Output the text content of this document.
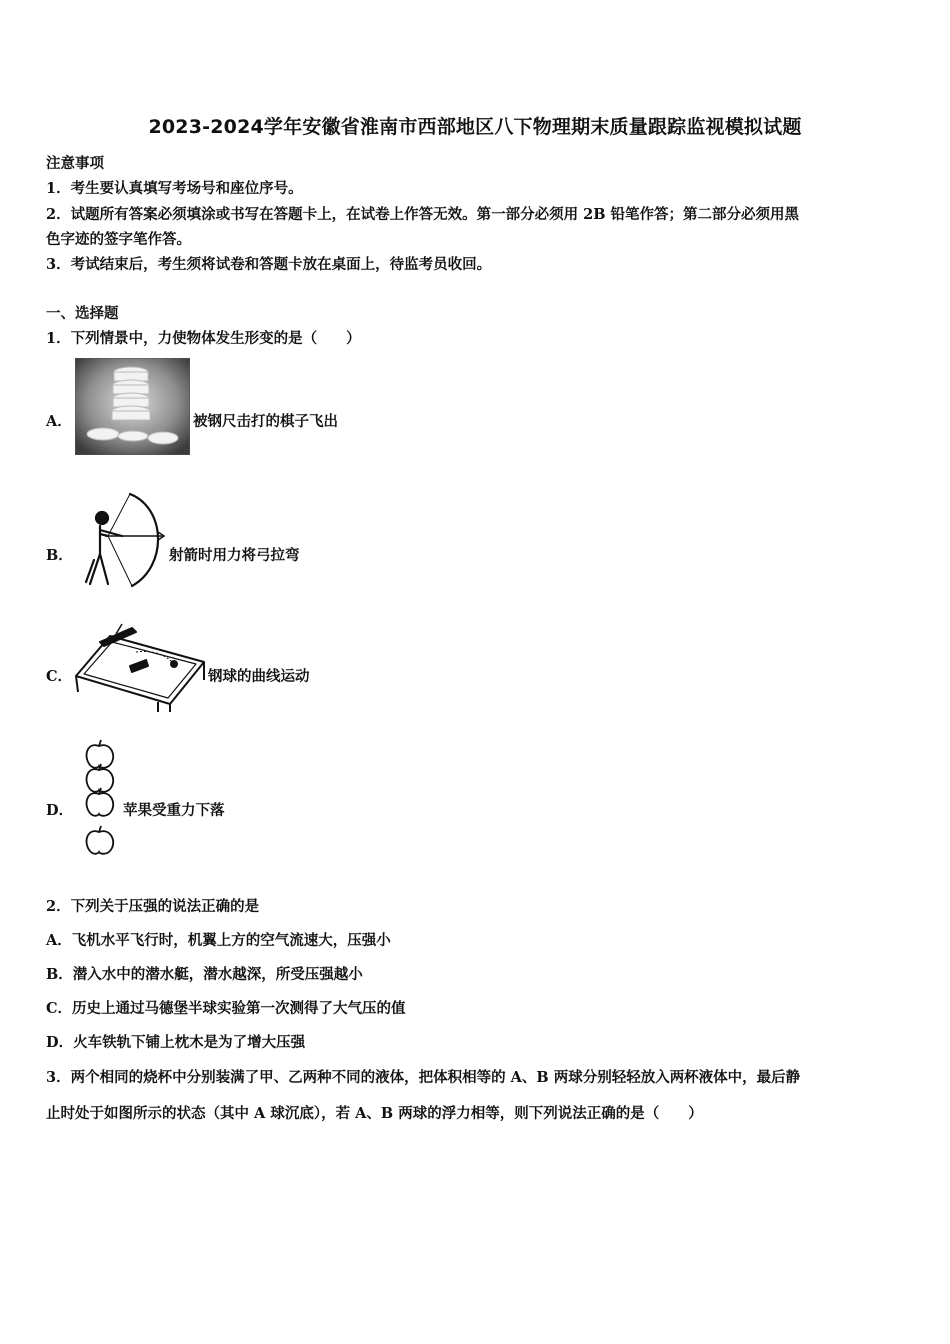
2023-2024学年安徽省淮南市西部地区八下物理期末质量跟踪监视模拟试题
注意事项
1．考生要认真填写考场号和座位序号。
2．试题所有答案必须填涂或书写在答题卡上，在试卷上作答无效。第一部分必须用 2B 铅笔作答；第二部分必须用黑
色字迹的签字笔作答。
3．考试结束后，考生须将试卷和答题卡放在桌面上，待监考员收回。
一、选择题
1．下列情景中，力使物体发生形变的是（　　）
A．	被钢尺击打的棋子飞出
B．	射箭时用力将弓拉弯
C．	钢球的曲线运动
D．	苹果受重力下落
2．下列关于压强的说法正确的是
A．飞机水平飞行时，机翼上方的空气流速大，压强小
B．潜入水中的潜水艇，潜水越深，所受压强越小
C．历史上通过马德堡半球实验第一次测得了大气压的值
D．火车铁轨下铺上枕木是为了增大压强
3．两个相同的烧杯中分别装满了甲、乙两种不同的液体，把体积相等的 A、B 两球分别轻轻放入两杯液体中，最后静
止时处于如图所示的状态（其中 A 球沉底），若 A、B 两球的浮力相等，则下列说法正确的是（　　）
